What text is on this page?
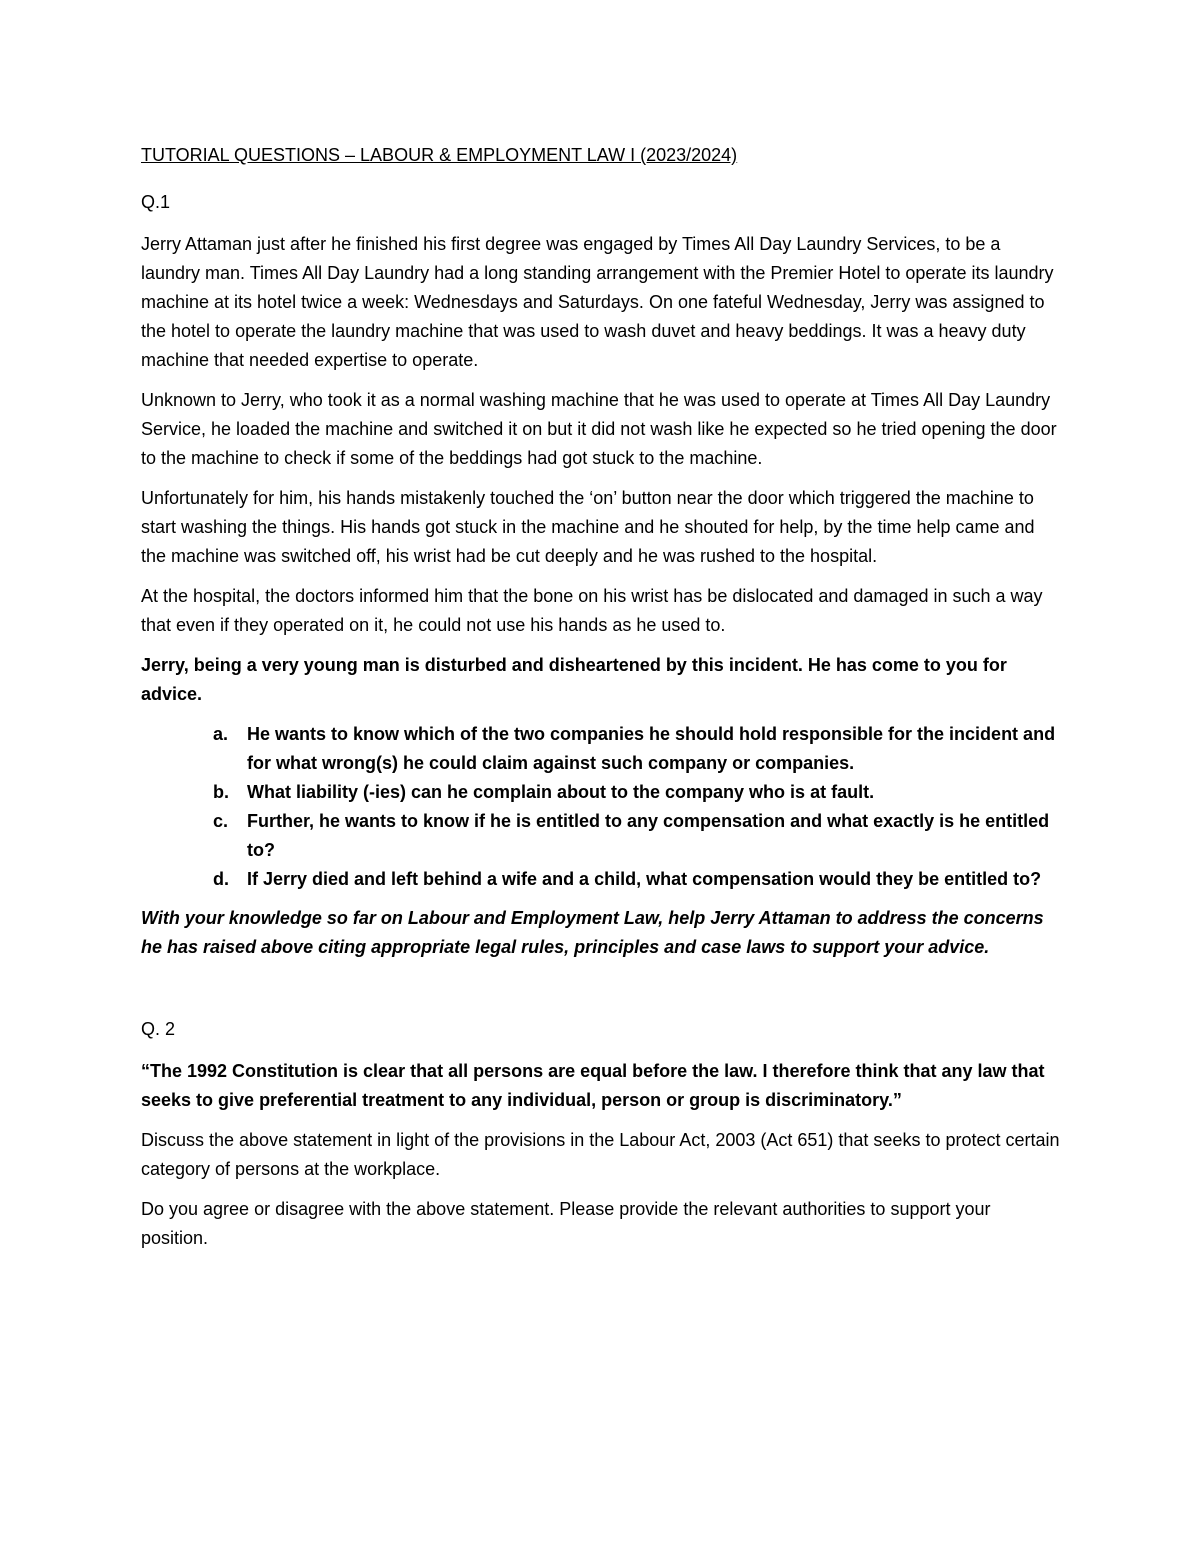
TUTORIAL QUESTIONS – LABOUR & EMPLOYMENT LAW I (2023/2024)

Q.1

Jerry Attaman just after he finished his first degree was engaged by Times All Day Laundry Services, to be a laundry man. Times All Day Laundry had a long standing arrangement with the Premier Hotel to operate its laundry machine at its hotel twice a week: Wednesdays and Saturdays. On one fateful Wednesday, Jerry was assigned to the hotel to operate the laundry machine that was used to wash duvet and heavy beddings. It was a heavy duty machine that needed expertise to operate.

Unknown to Jerry, who took it as a normal washing machine that he was used to operate at Times All Day Laundry Service, he loaded the machine and switched it on but it did not wash like he expected so he tried opening the door to the machine to check if some of the beddings had got stuck to the machine.

Unfortunately for him, his hands mistakenly touched the ‘on’ button near the door which triggered the machine to start washing the things. His hands got stuck in the machine and he shouted for help, by the time help came and the machine was switched off, his wrist had be cut deeply and he was rushed to the hospital.

At the hospital, the doctors informed him that the bone on his wrist has be dislocated and damaged in such a way that even if they operated on it, he could not use his hands as he used to.

Jerry, being a very young man is disturbed and disheartened by this incident. He has come to you for advice.

a. He wants to know which of the two companies he should hold responsible for the incident and for what wrong(s) he could claim against such company or companies.
b. What liability (-ies) can he complain about to the company who is at fault.
c. Further, he wants to know if he is entitled to any compensation and what exactly is he entitled to?
d. If Jerry died and left behind a wife and a child, what compensation would they be entitled to?

With your knowledge so far on Labour and Employment Law, help Jerry Attaman to address the concerns he has raised above citing appropriate legal rules, principles and case laws to support your advice.

Q. 2

“The 1992 Constitution is clear that all persons are equal before the law. I therefore think that any law that seeks to give preferential treatment to any individual, person or group is discriminatory.”

Discuss the above statement in light of the provisions in the Labour Act, 2003 (Act 651) that seeks to protect certain category of persons at the workplace.

Do you agree or disagree with the above statement. Please provide the relevant authorities to support your position.
